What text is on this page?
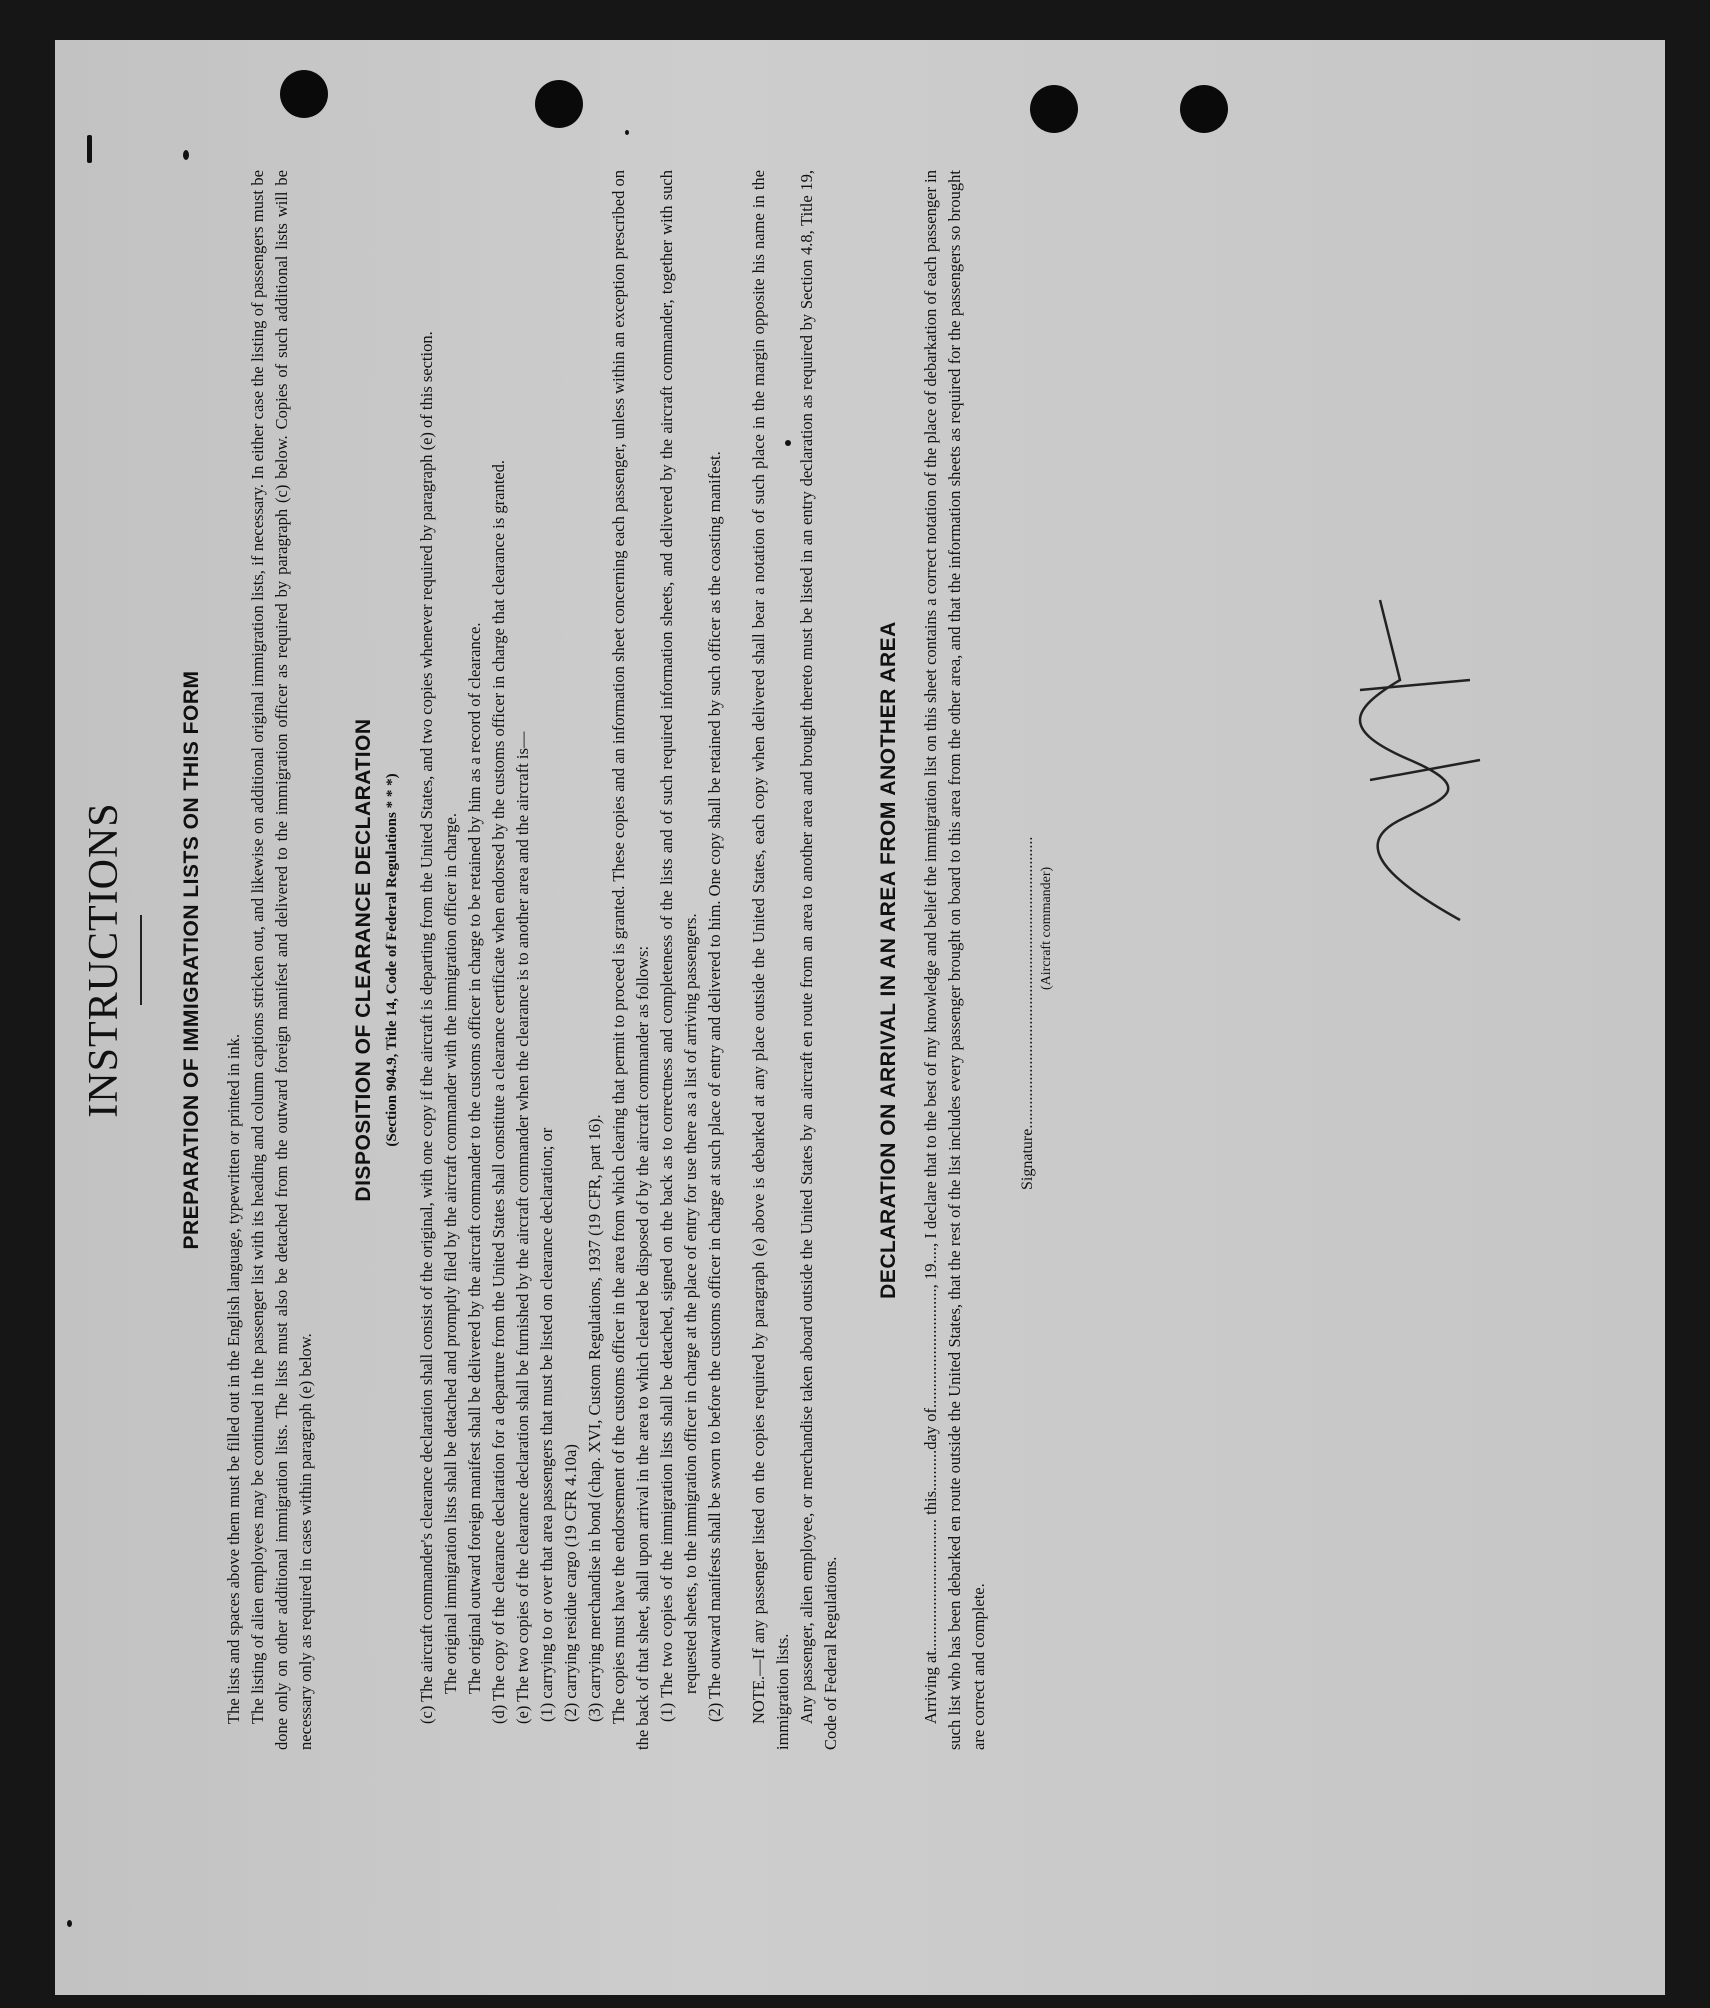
INSTRUCTIONS	PREPARATION OF IMMIGRATION LISTS ON THIS FORM

The lists and spaces above them must be filled out in the English language, typewritten or printed in ink. The listing of alien employees may be continued in the passenger list with its heading and column captions stricken out, and likewise on additional original immigration lists, if necessary. In either case the listing of passengers must be done only on other additional immigration lists. The lists must also be detached from the outward foreign manifest and delivered to the immigration officer as required by paragraph (c) below. Copies of such additional lists will be necessary only as required in cases within paragraph (e) below.

DISPOSITION OF CLEARANCE DECLARATION (Section 904.9, Title 14, Code of Federal Regulations * * *) (c) The aircraft commander's clearance declaration shall consist of the original, with one copy if the aircraft is departing from the United States, and two copies whenever required by paragraph (e) of this section. The original immigration lists shall be detached and promptly filed by the aircraft commander with the immigration officer in charge. The original outward foreign manifest shall be delivered by the aircraft commander to the customs officer in charge to be retained by him as a record of clearance. (d) The copy of the clearance declaration for a departure from the United States shall constitute a clearance certificate when endorsed by the customs officer in charge that clearance is granted. (e) The two copies of the clearance declaration shall be furnished by the aircraft commander when the clearance is to another area and the aircraft is— (1) carrying to or over that area passengers that must be listed on clearance declaration; or (2) carrying residue cargo (19 CFR 4.10a) (3) carrying merchandise in bond (chap. XVI, Custom Regulations, 1937 (19 CFR, part 16). The copies must have the endorsement of the customs officer in the area from which clearing that permit to proceed is granted. These copies and an information sheet concerning each passenger, unless within an exception prescribed on the back of that sheet, shall upon arrival in the area to which cleared be disposed of by the aircraft commander as follows: (1) The two copies of the immigration lists shall be detached, signed on the back as to correctness and completeness of the lists and of such required information sheets, and delivered by the aircraft commander, together with such requested sheets, to the immigration officer in charge at the place of entry for use there as a list of arriving passengers. (2) The outward manifests shall be sworn to before the customs officer in charge at such place of entry and delivered to him. One copy shall be retained by such officer as the coasting manifest. NOTE.—If any passenger listed on the copies required by paragraph (e) above is debarked at any place outside the United States, each copy when delivered shall bear a notation of such place in the margin opposite his name in the immigration lists. Any passenger, alien employee, or merchandise taken aboard outside the United States by an aircraft en route from an area to another area and brought thereto must be listed in an entry declaration as required by Section 4.8, Title 19, Code of Federal Regulations.

DECLARATION ON ARRIVAL IN AN AREA FROM ANOTHER AREA Arriving at................................ this..........day of............................., 19...., I declare that to the best of my knowledge and belief the immigration list on this sheet contains a correct notation of the place of debarkation of each passenger in such list who has been debarked en route outside the United States, that the rest of the list includes every passenger brought on board to this area from the other area, and that the information sheets as required for the passengers so brought are correct and complete.

Signature......................................................................... (Aircraft commander)
